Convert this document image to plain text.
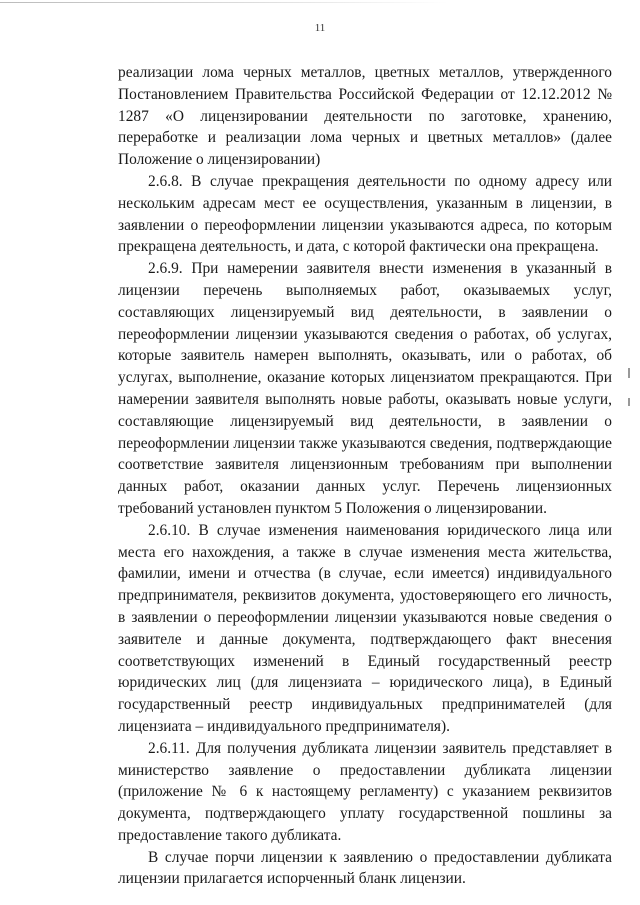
11

реализации лома черных металлов, цветных металлов, утвержденного Постановлением Правительства Российской Федерации от 12.12.2012 № 1287 «О лицензировании деятельности по заготовке, хранению, переработке и реализации лома черных и цветных металлов» (далее Положение о лицензировании)

2.6.8. В случае прекращения деятельности по одному адресу или нескольким адресам мест ее осуществления, указанным в лицензии, в заявлении о переоформлении лицензии указываются адреса, по которым прекращена деятельность, и дата, с которой фактически она прекращена.

2.6.9. При намерении заявителя внести изменения в указанный в лицензии перечень выполняемых работ, оказываемых услуг, составляющих лицензируемый вид деятельности, в заявлении о переоформлении лицензии указываются сведения о работах, об услугах, которые заявитель намерен выполнять, оказывать, или о работах, об услугах, выполнение, оказание которых лицензиатом прекращаются. При намерении заявителя выполнять новые работы, оказывать новые услуги, составляющие лицензируемый вид деятельности, в заявлении о переоформлении лицензии также указываются сведения, подтверждающие соответствие заявителя лицензионным требованиям при выполнении данных работ, оказании данных услуг. Перечень лицензионных требований установлен пунктом 5 Положения о лицензировании.

2.6.10. В случае изменения наименования юридического лица или места его нахождения, а также в случае изменения места жительства, фамилии, имени и отчества (в случае, если имеется) индивидуального предпринимателя, реквизитов документа, удостоверяющего его личность, в заявлении о переоформлении лицензии указываются новые сведения о заявителе и данные документа, подтверждающего факт внесения соответствующих изменений в Единый государственный реестр юридических лиц (для лицензиата – юридического лица), в Единый государственный реестр индивидуальных предпринимателей (для лицензиата – индивидуального предпринимателя).

2.6.11. Для получения дубликата лицензии заявитель представляет в министерство заявление о предоставлении дубликата лицензии (приложение № 6 к настоящему регламенту) с указанием реквизитов документа, подтверждающего уплату государственной пошлины за предоставление такого дубликата.

В случае порчи лицензии к заявлению о предоставлении дубликата лицензии прилагается испорченный бланк лицензии.
